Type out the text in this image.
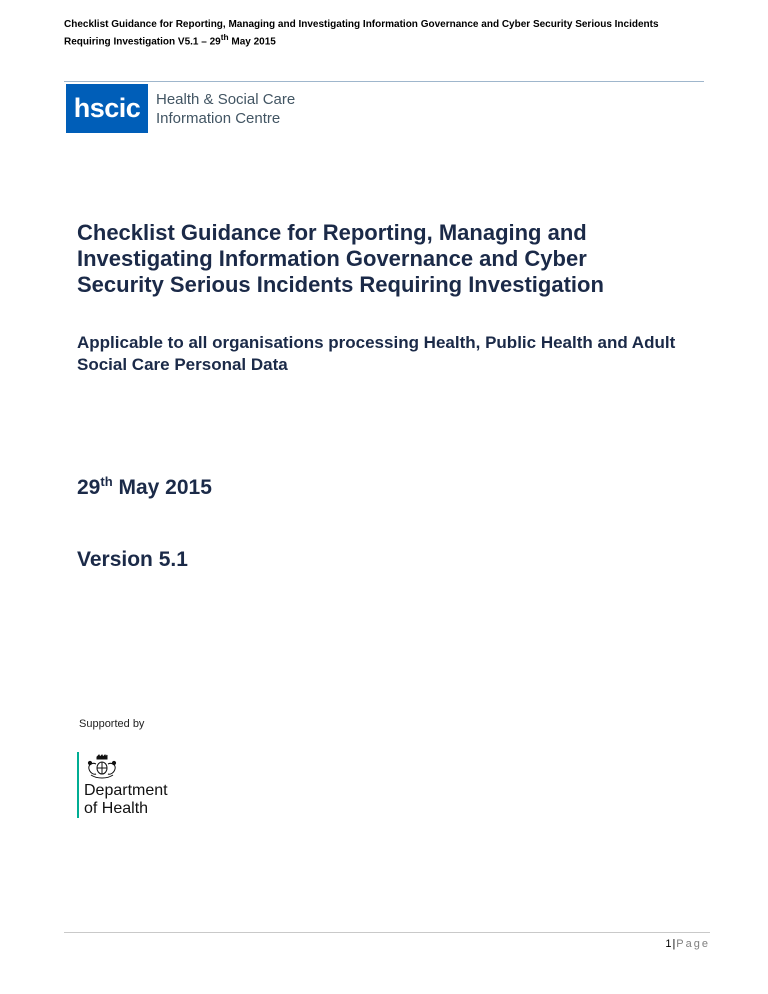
Checklist Guidance for Reporting, Managing and Investigating Information Governance and Cyber Security Serious Incidents
Requiring Investigation V5.1 – 29th May 2015
hscic	Health & Social Care
Information Centre
Checklist Guidance for Reporting, Managing and Investigating Information Governance and Cyber Security Serious Incidents Requiring Investigation
Applicable to all organisations processing Health, Public Health and Adult Social Care Personal Data
29th May 2015
Version 5.1
Supported by
Department
of Health
1|Page
